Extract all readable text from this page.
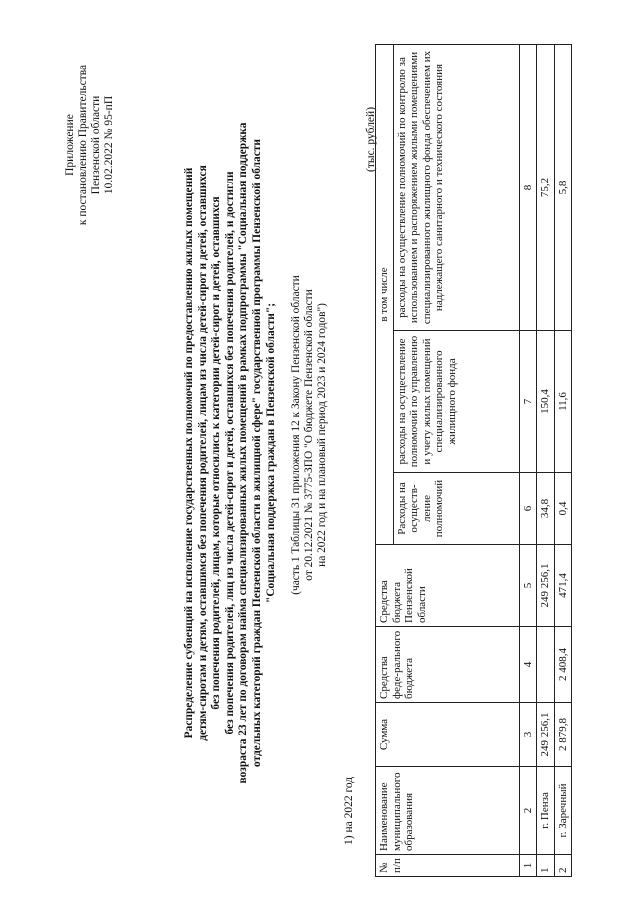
Приложение к постановлению Правительства Пензенской области 10.02.2022 № 95-пП
Распределение субвенций на исполнение государственных полномочий по предоставлению жилых помещений детям-сиротам и детям, оставшимся без попечения родителей, лицам из числа детей-сирот и детей, оставшихся без попечения родителей, лицам, которые относились к категории детей-сирот и детей, оставшихся без попечения родителей, лиц из числа детей-сирот и детей, оставшихся без попечения родителей, и достигли возраста 23 лет по договорам найма специализированных жилых помещений в рамках подпрограммы "Социальная поддержка отдельных категорий граждан Пензенской области в жилищной сфере" государственной программы Пензенской области "Социальная поддержка граждан в Пензенской области"; (часть 1 Таблицы 31 приложения 12 к Закону Пензенской области от 20.12.2021 № 3775-ЗПО "О бюджете Пензенской области на 2022 год и на плановый период 2023 и 2024 годов")
1) на 2022 год
(тыс. рублей)
№ п/п	Наименование муниципального образования	Сумма	Средства феде-рального бюджета	Средства бюджета Пензенской области	в том числе		
					Расходы на осуществ-ление полномочий	расходы на осуществление полномочий по управлению и учету жилых помещений специализированного жилищного фонда	расходы на осуществление полномочий по контролю за использованием и распоряжением жилыми помещениями специализированного жилищного фонда обеспечением их надлежащего санитарного и технического состояния
1	2	3	4	5	6	7	8
1	г. Пенза	249 256,1		249 256,1	34,8	150,4	75,2
2	г. Заречный	2 879,8	2 408,4	471,4	0,4	11,6	5,8
